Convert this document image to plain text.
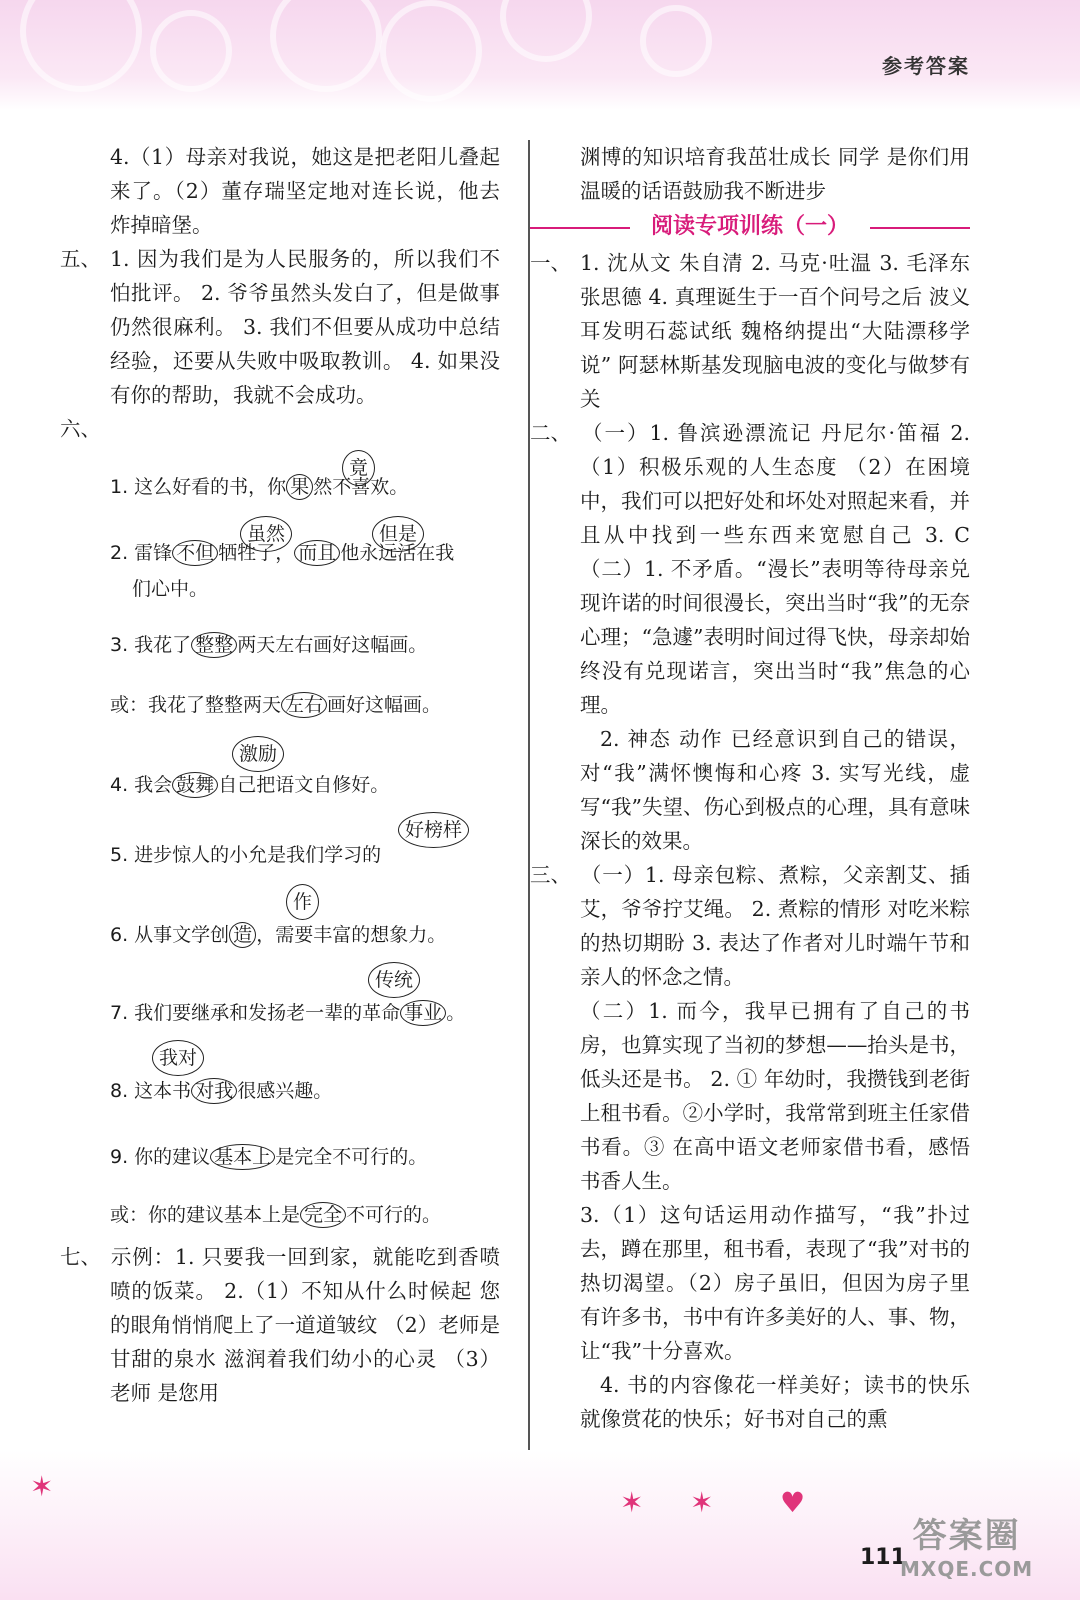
参考答案

4.（1）母亲对我说，她这是把老阳儿叠起来了。（2）董存瑞坚定地对连长说，他去炸掉暗堡。

五、 1. 因为我们是为人民服务的，所以我们不怕批评。 2. 爷爷虽然头发白了，但是做事仍然很麻利。 3. 我们不但要从成功中总结经验，还要从失败中吸取教训。 4. 如果没有你的帮助，我就不会成功。

六、
竟
1. 这么好看的书，你 果 然不喜欢。
虽然	但是
2. 雷锋 不但 牺牲了， 而且 他永远活在我
们心中。
3. 我花了 整整 两天左右画好这幅画。
或：我花了整整两天 左右 画好这幅画。
激励
4. 我会 鼓舞 自己把语文自修好。
好榜样
5. 进步惊人的小允是我们学习的
作
6. 从事文学创 造 ，需要丰富的想象力。
传统
7. 我们要继承和发扬老一辈的革命 事业 。
我对
8. 这本书 对我 很感兴趣。
9. 你的建议 基本上 是完全不可行的。
或：你的建议基本上是 完全 不可行的。

七、 示例：1. 只要我一回到家，就能吃到香喷喷的饭菜。 2.（1）不知从什么时候起 您的眼角悄悄爬上了一道道皱纹 （2）老师是甘甜的泉水 滋润着我们幼小的心灵 （3）老师 是您用

渊博的知识培育我茁壮成长 同学 是你们用温暖的话语鼓励我不断进步

阅读专项训练（一）

一、 1. 沈从文 朱自清 2. 马克·吐温 3. 毛泽东 张思德 4. 真理诞生于一百个问号之后 波义耳发明石蕊试纸 魏格纳提出“大陆漂移学说” 阿瑟林斯基发现脑电波的变化与做梦有关

二、 （一）1. 鲁滨逊漂流记 丹尼尔·笛福 2.（1）积极乐观的人生态度 （2）在困境中，我们可以把好处和坏处对照起来看，并且从中找到一些东西来宽慰自己 3. C （二）1. 不矛盾。“漫长”表明等待母亲兑现许诺的时间很漫长，突出当时“我”的无奈心理；“急遽”表明时间过得飞快，母亲却始终没有兑现诺言，突出当时“我”焦急的心理。

2. 神态 动作 已经意识到自己的错误，对“我”满怀懊悔和心疼 3. 实写光线，虚写“我”失望、伤心到极点的心理，具有意味深长的效果。

三、 （一）1. 母亲包粽、煮粽，父亲割艾、插艾，爷爷拧艾绳。 2. 煮粽的情形 对吃米粽的热切期盼 3. 表达了作者对儿时端午节和亲人的怀念之情。

（二）1. 而今，我早已拥有了自己的书房，也算实现了当初的梦想——抬头是书，低头还是书。 2. ① 年幼时，我攒钱到老街上租书看。②小学时，我常常到班主任家借书看。③ 在高中语文老师家借书看，感悟书香人生。

3.（1）这句话运用动作描写，“我”扑过去，蹲在那里，租书看，表现了“我”对书的热切渴望。（2）房子虽旧，但因为房子里有许多书，书中有许多美好的人、事、物，让“我”十分喜欢。

4. 书的内容像花一样美好；读书的快乐就像赏花的快乐；好书对自己的熏

✶	✶ ✶ ♥
111
答案圈
MXQE.COM
